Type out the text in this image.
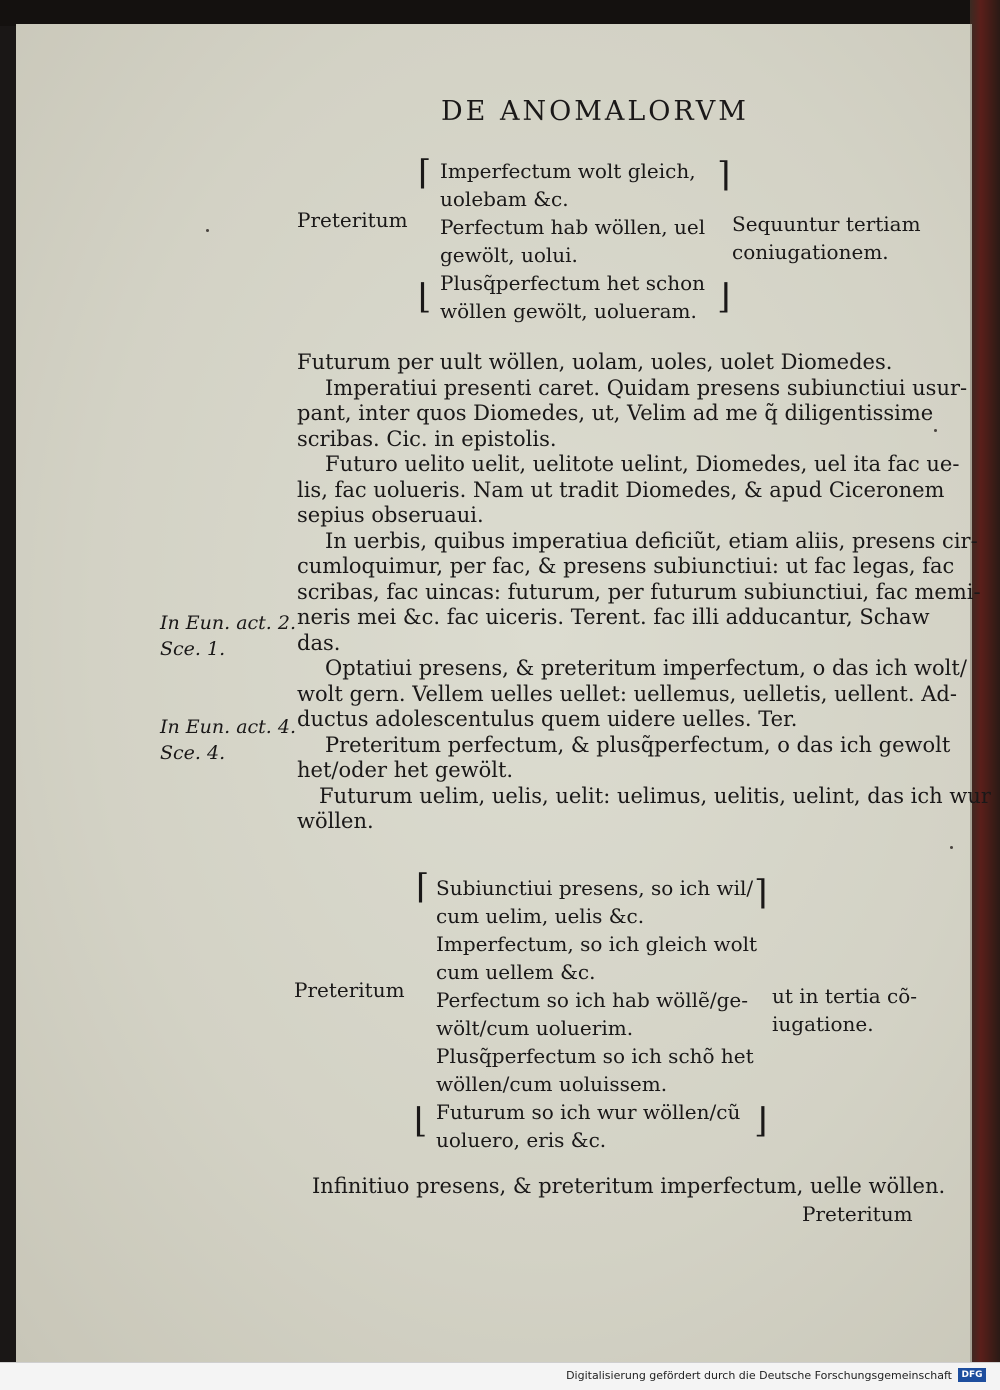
DE ANOMALORVM
Preteritum
⌈
⌊
⌉
⌋
Imperfectum wolt gleich,
uolebam &c.
Perfectum hab wöllen, uel
gewölt, uolui.
Plusq̃perfectum het schon
wöllen gewölt, uolueram.
Sequuntur tertiam
coniugationem.
Futurum per uult wöllen, uolam, uoles, uolet Diomedes.
Imperatiui presenti caret. Quidam presens subiunctiui usur-
pant, inter quos Diomedes, ut, Velim ad me q̃ diligentissime
scribas. Cic. in epistolis.
Futuro uelito uelit, uelitote uelint, Diomedes, uel ita fac ue-
lis, fac uolueris. Nam ut tradit Diomedes, & apud Ciceronem
sepius obseruaui.
In uerbis, quibus imperatiua deficiũt, etiam aliis, presens cir-
cumloquimur, per fac, & presens subiunctiui: ut fac legas, fac
scribas, fac uincas: futurum, per futurum subiunctiui, fac memi-
neris mei &c. fac uiceris. Terent. fac illi adducantur, Schaw
das.
Optatiui presens, & preteritum imperfectum, o das ich wolt/
wolt gern. Vellem uelles uellet: uellemus, uelletis, uellent. Ad-
ductus adolescentulus quem uidere uelles. Ter.
Preteritum perfectum, & plusq̃perfectum, o das ich gewolt
het/oder het gewölt.
Futurum uelim, uelis, uelit: uelimus, uelitis, uelint, das ich wur
wöllen.
In Eun. act. 2.
Sce. 1.
In Eun. act. 4.
Sce. 4.
Preteritum
⌈
⌊
⌉
⌋
Subiunctiui presens, so ich wil/
cum uelim, uelis &c.
Imperfectum, so ich gleich wolt
cum uellem &c.
Perfectum so ich hab wöllẽ/ge-
wölt/cum uoluerim.
Plusq̃perfectum so ich schõ het
wöllen/cum uoluissem.
Futurum so ich wur wöllen/cũ
uoluero, eris &c.
ut in tertia cõ-
iugatione.
Infinitiuo presens, & preteritum imperfectum, uelle wöllen.
Preteritum
Digitalisierung gefördert durch die Deutsche Forschungsgemeinschaft	DFG
